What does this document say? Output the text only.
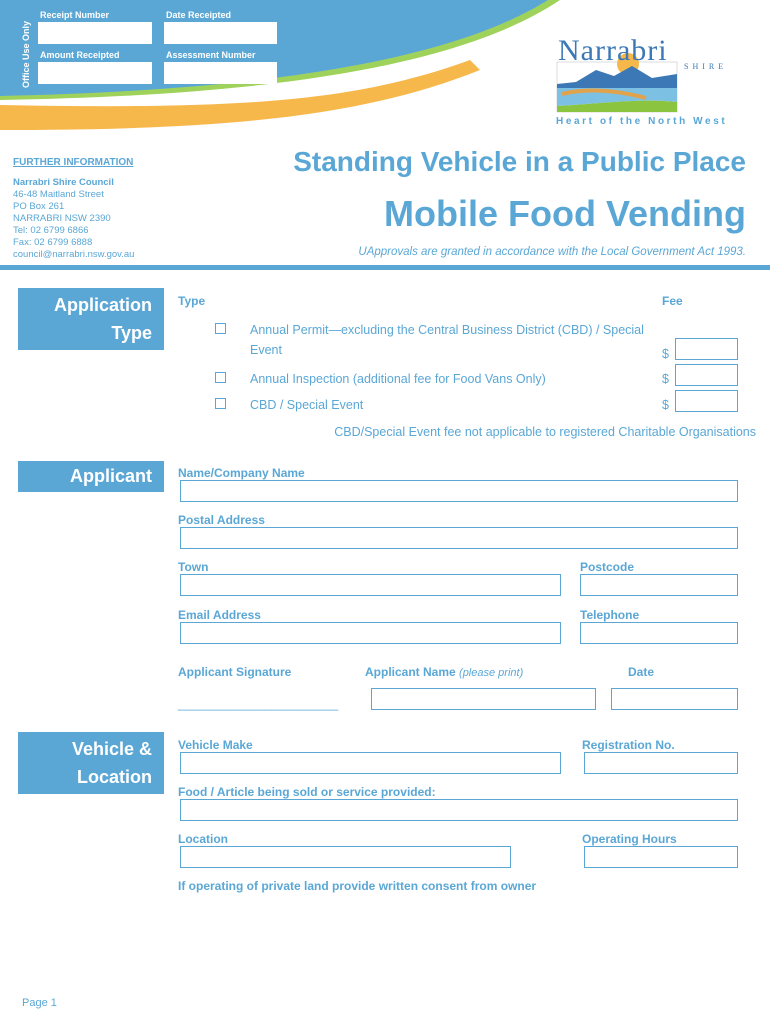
Office Use Only
Receipt Number	Date Receipted
Amount Receipted	Assessment Number	Narrabri SHIRE
Heart of the North West
FURTHER INFORMATION
Narrabri Shire Council
46-48 Maitland Street
PO Box 261
NARRABRI NSW 2390
Tel: 02 6799 6866
Fax: 02 6799 6888
council@narrabri.nsw.gov.au
Standing Vehicle in a Public Place
Mobile Food Vending
UApprovals are granted in accordance with the Local Government Act 1993.
Application
Type
Type	Fee
Annual Permit—excluding the Central Business District (CBD) / Special
Event	$
Annual Inspection (additional fee for Food Vans Only)	$
CBD / Special Event	$
CBD/Special Event fee not applicable to registered Charitable Organisations
Applicant	Name/Company Name
Postal Address
Town	Postcode
Email Address	Telephone
Applicant Signature	Applicant Name (please print)	Date
________________________
Vehicle &
Location
Vehicle Make	Registration No.
Food / Article being sold or service provided:
Location	Operating Hours
If operating of private land provide written consent from owner
Page 1
